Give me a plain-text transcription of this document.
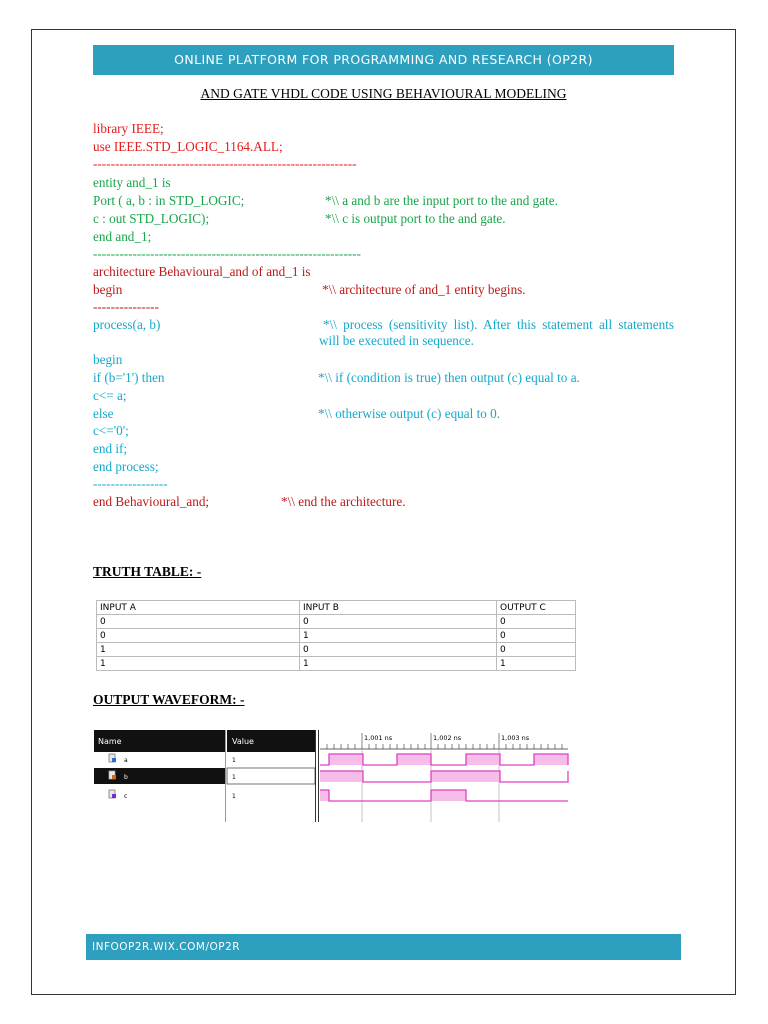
ONLINE PLATFORM FOR PROGRAMMING AND RESEARCH (OP2R)
AND GATE VHDL CODE USING BEHAVIOURAL MODELING
library IEEE;
use IEEE.STD_LOGIC_1164.ALL;
------------------------------------------------------------
entity and_1 is
Port ( a, b : in STD_LOGIC;	*\\ a and b are the input port to the and gate.
c : out STD_LOGIC);	*\\ c is output port to the and gate.
end and_1;
-------------------------------------------------------------
architecture Behavioural_and of and_1 is
begin	*\\ architecture of and_1 entity begins.
---------------
process(a, b)	*\\ process (sensitivity list). After this statement all statements will be executed in sequence.
begin
if (b='1') then	*\\ if (condition is true) then output (c) equal to a.
c<= a;
else	*\\ otherwise output (c) equal to 0.
c<='0';
end if;
end process;
-----------------
end Behavioural_and;	*\\ end the architecture.
TRUTH TABLE: -
INPUT A	INPUT B	OUTPUT C
0	0	0
0	1	0
1	0	0
1	1	1
OUTPUT WAVEFORM: -
Name	Value
a	1
b	1
c	1
1,001 ns	1,002 ns	1,003 ns
INFOOP2R.WIX.COM/OP2R
